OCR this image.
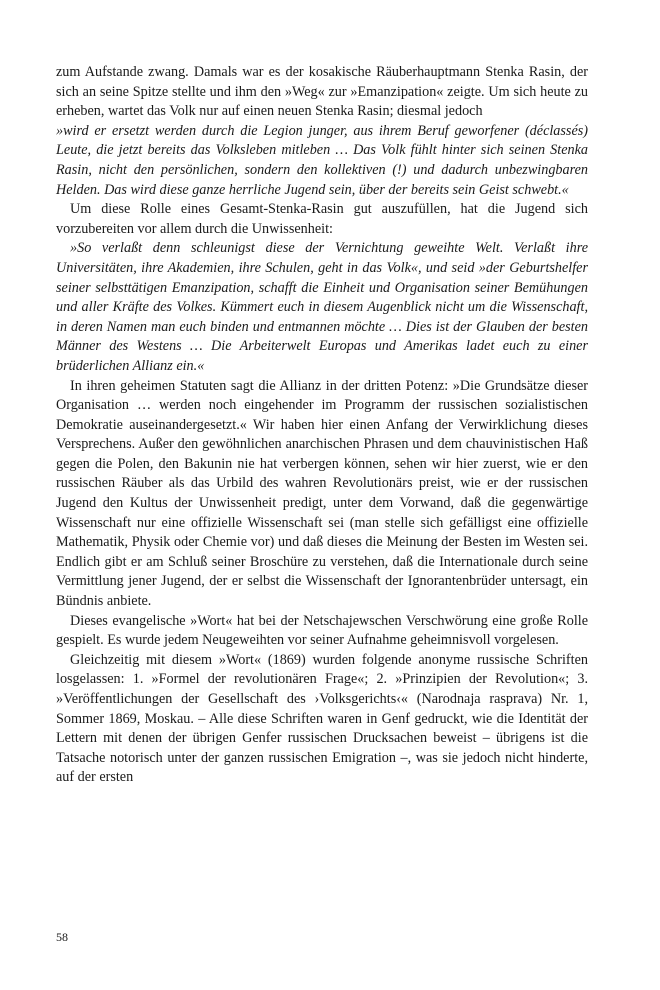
zum Aufstande zwang. Damals war es der kosakische Räuberhauptmann Stenka Rasin, der sich an seine Spitze stellte und ihm den »Weg« zur »Emanzipation« zeigte. Um sich heute zu erheben, wartet das Volk nur auf einen neuen Stenka Rasin; diesmal jedoch

»wird er ersetzt werden durch die Legion junger, aus ihrem Beruf geworfener (déclassés) Leute, die jetzt bereits das Volksleben mitleben … Das Volk fühlt hinter sich seinen Stenka Rasin, nicht den persönlichen, sondern den kollektiven (!) und dadurch unbezwingbaren Helden. Das wird diese ganze herrliche Jugend sein, über der bereits sein Geist schwebt.«

Um diese Rolle eines Gesamt-Stenka-Rasin gut auszufüllen, hat die Jugend sich vorzubereiten vor allem durch die Unwissenheit:

»So verlaßt denn schleunigst diese der Vernichtung geweihte Welt. Verlaßt ihre Universitäten, ihre Akademien, ihre Schulen, geht in das Volk«, und seid »der Geburtshelfer seiner selbsttätigen Emanzipation, schafft die Einheit und Organisation seiner Bemühungen und aller Kräfte des Volkes. Kümmert euch in diesem Augenblick nicht um die Wissenschaft, in deren Namen man euch binden und entmannen möchte … Dies ist der Glauben der besten Männer des Westens … Die Arbeiterwelt Europas und Amerikas ladet euch zu einer brüderlichen Allianz ein.«

In ihren geheimen Statuten sagt die Allianz in der dritten Potenz: »Die Grundsätze dieser Organisation … werden noch eingehender im Programm der russischen sozialistischen Demokratie auseinandergesetzt.« Wir haben hier einen Anfang der Verwirklichung dieses Versprechens. Außer den gewöhnlichen anarchischen Phrasen und dem chauvinistischen Haß gegen die Polen, den Bakunin nie hat verbergen können, sehen wir hier zuerst, wie er den russischen Räuber als das Urbild des wahren Revolutionärs preist, wie er der russischen Jugend den Kultus der Unwissenheit predigt, unter dem Vorwand, daß die gegenwärtige Wissenschaft nur eine offizielle Wissenschaft sei (man stelle sich gefälligst eine offizielle Mathematik, Physik oder Chemie vor) und daß dieses die Meinung der Besten im Westen sei. Endlich gibt er am Schluß seiner Broschüre zu verstehen, daß die Internationale durch seine Vermittlung jener Jugend, der er selbst die Wissenschaft der Ignorantenbrüder untersagt, ein Bündnis anbiete.

Dieses evangelische »Wort« hat bei der Netschajewschen Verschwörung eine große Rolle gespielt. Es wurde jedem Neugeweihten vor seiner Aufnahme geheimnisvoll vorgelesen.

Gleichzeitig mit diesem »Wort« (1869) wurden folgende anonyme russische Schriften losgelassen: 1. »Formel der revolutionären Frage«; 2. »Prinzipien der Revolution«; 3. »Veröffentlichungen der Gesellschaft des ›Volksgerichts‹« (Narodnaja rasprava) Nr. 1, Sommer 1869, Moskau. – Alle diese Schriften waren in Genf gedruckt, wie die Identität der Lettern mit denen der übrigen Genfer russischen Drucksachen beweist – übrigens ist die Tatsache notorisch unter der ganzen russischen Emigration –, was sie jedoch nicht hinderte, auf der ersten

58
